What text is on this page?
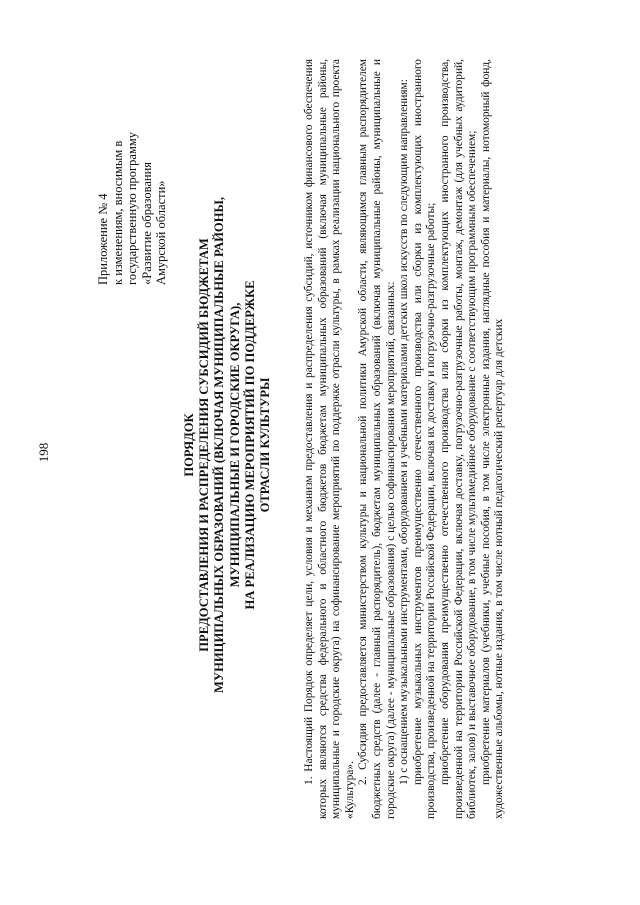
198
Приложение № 4 к изменениям, вносимым в государственную программу «Развитие образования Амурской области»
ПОРЯДОК ПРЕДОСТАВЛЕНИЯ И РАСПРЕДЕЛЕНИЯ СУБСИДИЙ БЮДЖЕТАМ МУНИЦИПАЛЬНЫХ ОБРАЗОВАНИЙ (ВКЛЮЧАЯ МУНИЦИПАЛЬНЫЕ РАЙОНЫ, МУНИЦИПАЛЬНЫЕ И ГОРОДСКИЕ ОКРУГА), НА РЕАЛИЗАЦИЮ МЕРОПРИЯТИЙ ПО ПОДДЕРЖКЕ ОТРАСЛИ КУЛЬТУРЫ	1. Настоящий Порядок определяет цели, условия и механизм предоставления и распределения субсидий, источником финансового обеспечения которых являются средства федерального и областного бюджетов бюджетам муниципальных образований (включая муниципальные районы, муниципальные и городские округа) на софинансирование мероприятий по поддержке отрасли культуры, в рамках реализации национального проекта «Культура».

2. Субсидия предоставляется министерством культуры и национальной политики Амурской области, являющимся главным распорядителем бюджетных средств (далее - главный распорядитель), бюджетам муниципальных образований (включая муниципальные районы, муниципальные и городские округа) (далее - муниципальные образования) с целью софинансирования мероприятий, связанных: 1) с оснащением музыкальными инструментами, оборудованием и учебными материалами детских школ искусств по следующим направлениям: приобретение музыкальных инструментов преимущественно отечественного производства или сборки из комплектующих иностранного производства, произведенной на территории Российской Федерации, включая их доставку и погрузочно-разгрузочные работы; приобретение оборудования преимущественно отечественного производства или сборки из комплектующих иностранного производства, произведенной на территории Российской Федерации, включая доставку, погрузочно-разгрузочные работы, монтаж, демонтаж (для учебных аудиторий, библиотек, залов) и выставочное оборудование, в том числе мультимедийное оборудование с соответствующим программным обеспечением; приобретение материалов (учебники, учебные пособия, в том числе электронные издания, наглядные пособия и материалы, нотоморный фонд, художественные альбомы, нотные издания, в том числе нотный педагогический репертуар для детских
